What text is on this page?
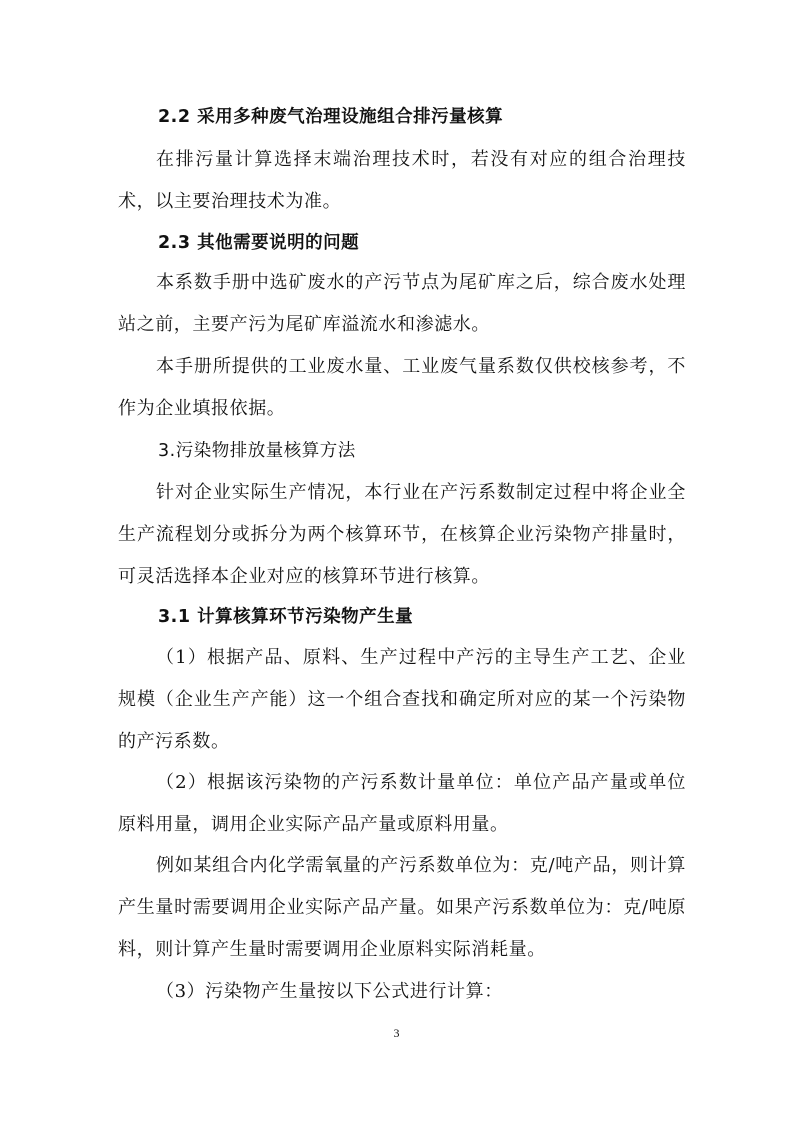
2.2 采用多种废气治理设施组合排污量核算

在排污量计算选择末端治理技术时，若没有对应的组合治理技术，以主要治理技术为准。

2.3 其他需要说明的问题

本系数手册中选矿废水的产污节点为尾矿库之后，综合废水处理站之前，主要产污为尾矿库溢流水和渗滤水。

本手册所提供的工业废水量、工业废气量系数仅供校核参考，不作为企业填报依据。

3.污染物排放量核算方法

针对企业实际生产情况，本行业在产污系数制定过程中将企业全生产流程划分或拆分为两个核算环节，在核算企业污染物产排量时，可灵活选择本企业对应的核算环节进行核算。

3.1 计算核算环节污染物产生量

（1）根据产品、原料、生产过程中产污的主导生产工艺、企业规模（企业生产产能）这一个组合查找和确定所对应的某一个污染物的产污系数。

（2）根据该污染物的产污系数计量单位：单位产品产量或单位原料用量，调用企业实际产品产量或原料用量。

例如某组合内化学需氧量的产污系数单位为：克/吨产品，则计算产生量时需要调用企业实际产品产量。如果产污系数单位为：克/吨原料，则计算产生量时需要调用企业原料实际消耗量。

（3）污染物产生量按以下公式进行计算：

3
